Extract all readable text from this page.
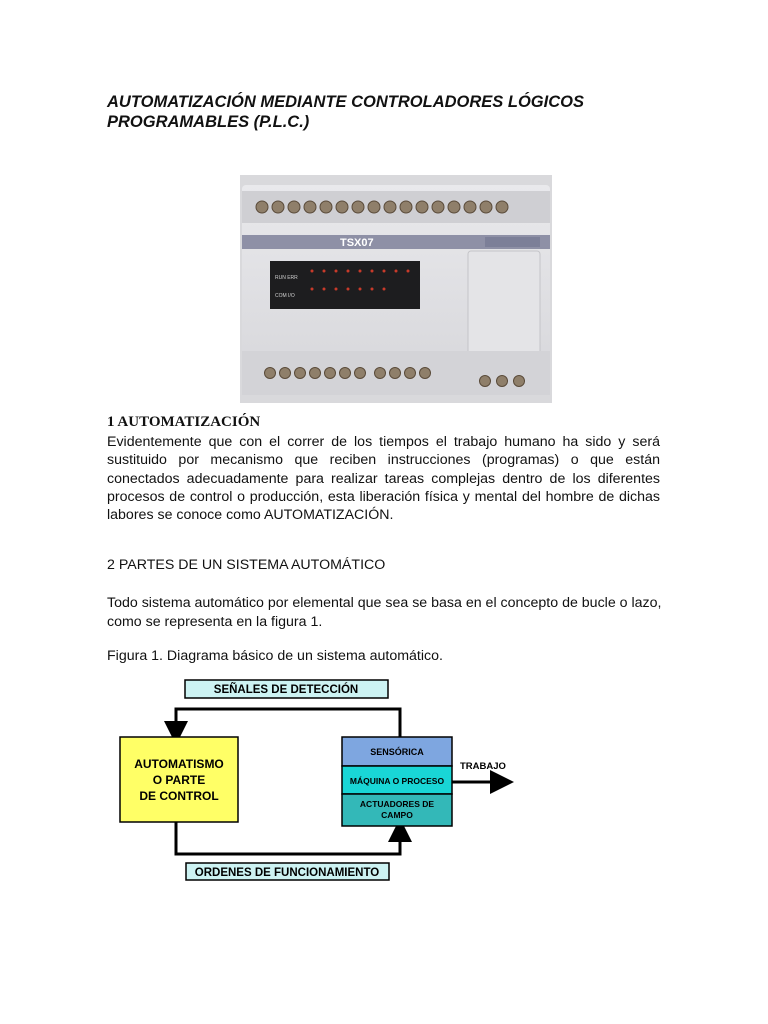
AUTOMATIZACIÓN MEDIANTE CONTROLADORES LÓGICOS
PROGRAMABLES (P.L.C.)
TSX07
RUN ERR
COM I/O
1 AUTOMATIZACIÓN
Evidentemente que con el correr de los tiempos el trabajo humano ha sido y será sustituido por mecanismo que reciben instrucciones (programas) o que están conectados adecuadamente para realizar tareas complejas dentro de los diferentes procesos de control o producción, esta liberación física y mental del hombre de dichas labores se conoce como AUTOMATIZACIÓN.
2 PARTES DE UN SISTEMA AUTOMÁTICO
Todo sistema automático por elemental que sea se basa en el concepto de bucle o lazo, como se representa en la figura 1.
Figura 1. Diagrama básico de un sistema automático.
SEÑALES DE DETECCIÓN
ORDENES DE FUNCIONAMIENTO
AUTOMATISMO
O PARTE
DE CONTROL
SENSÓRICA
MÁQUINA O PROCESO
ACTUADORES DE
CAMPO
TRABAJO
